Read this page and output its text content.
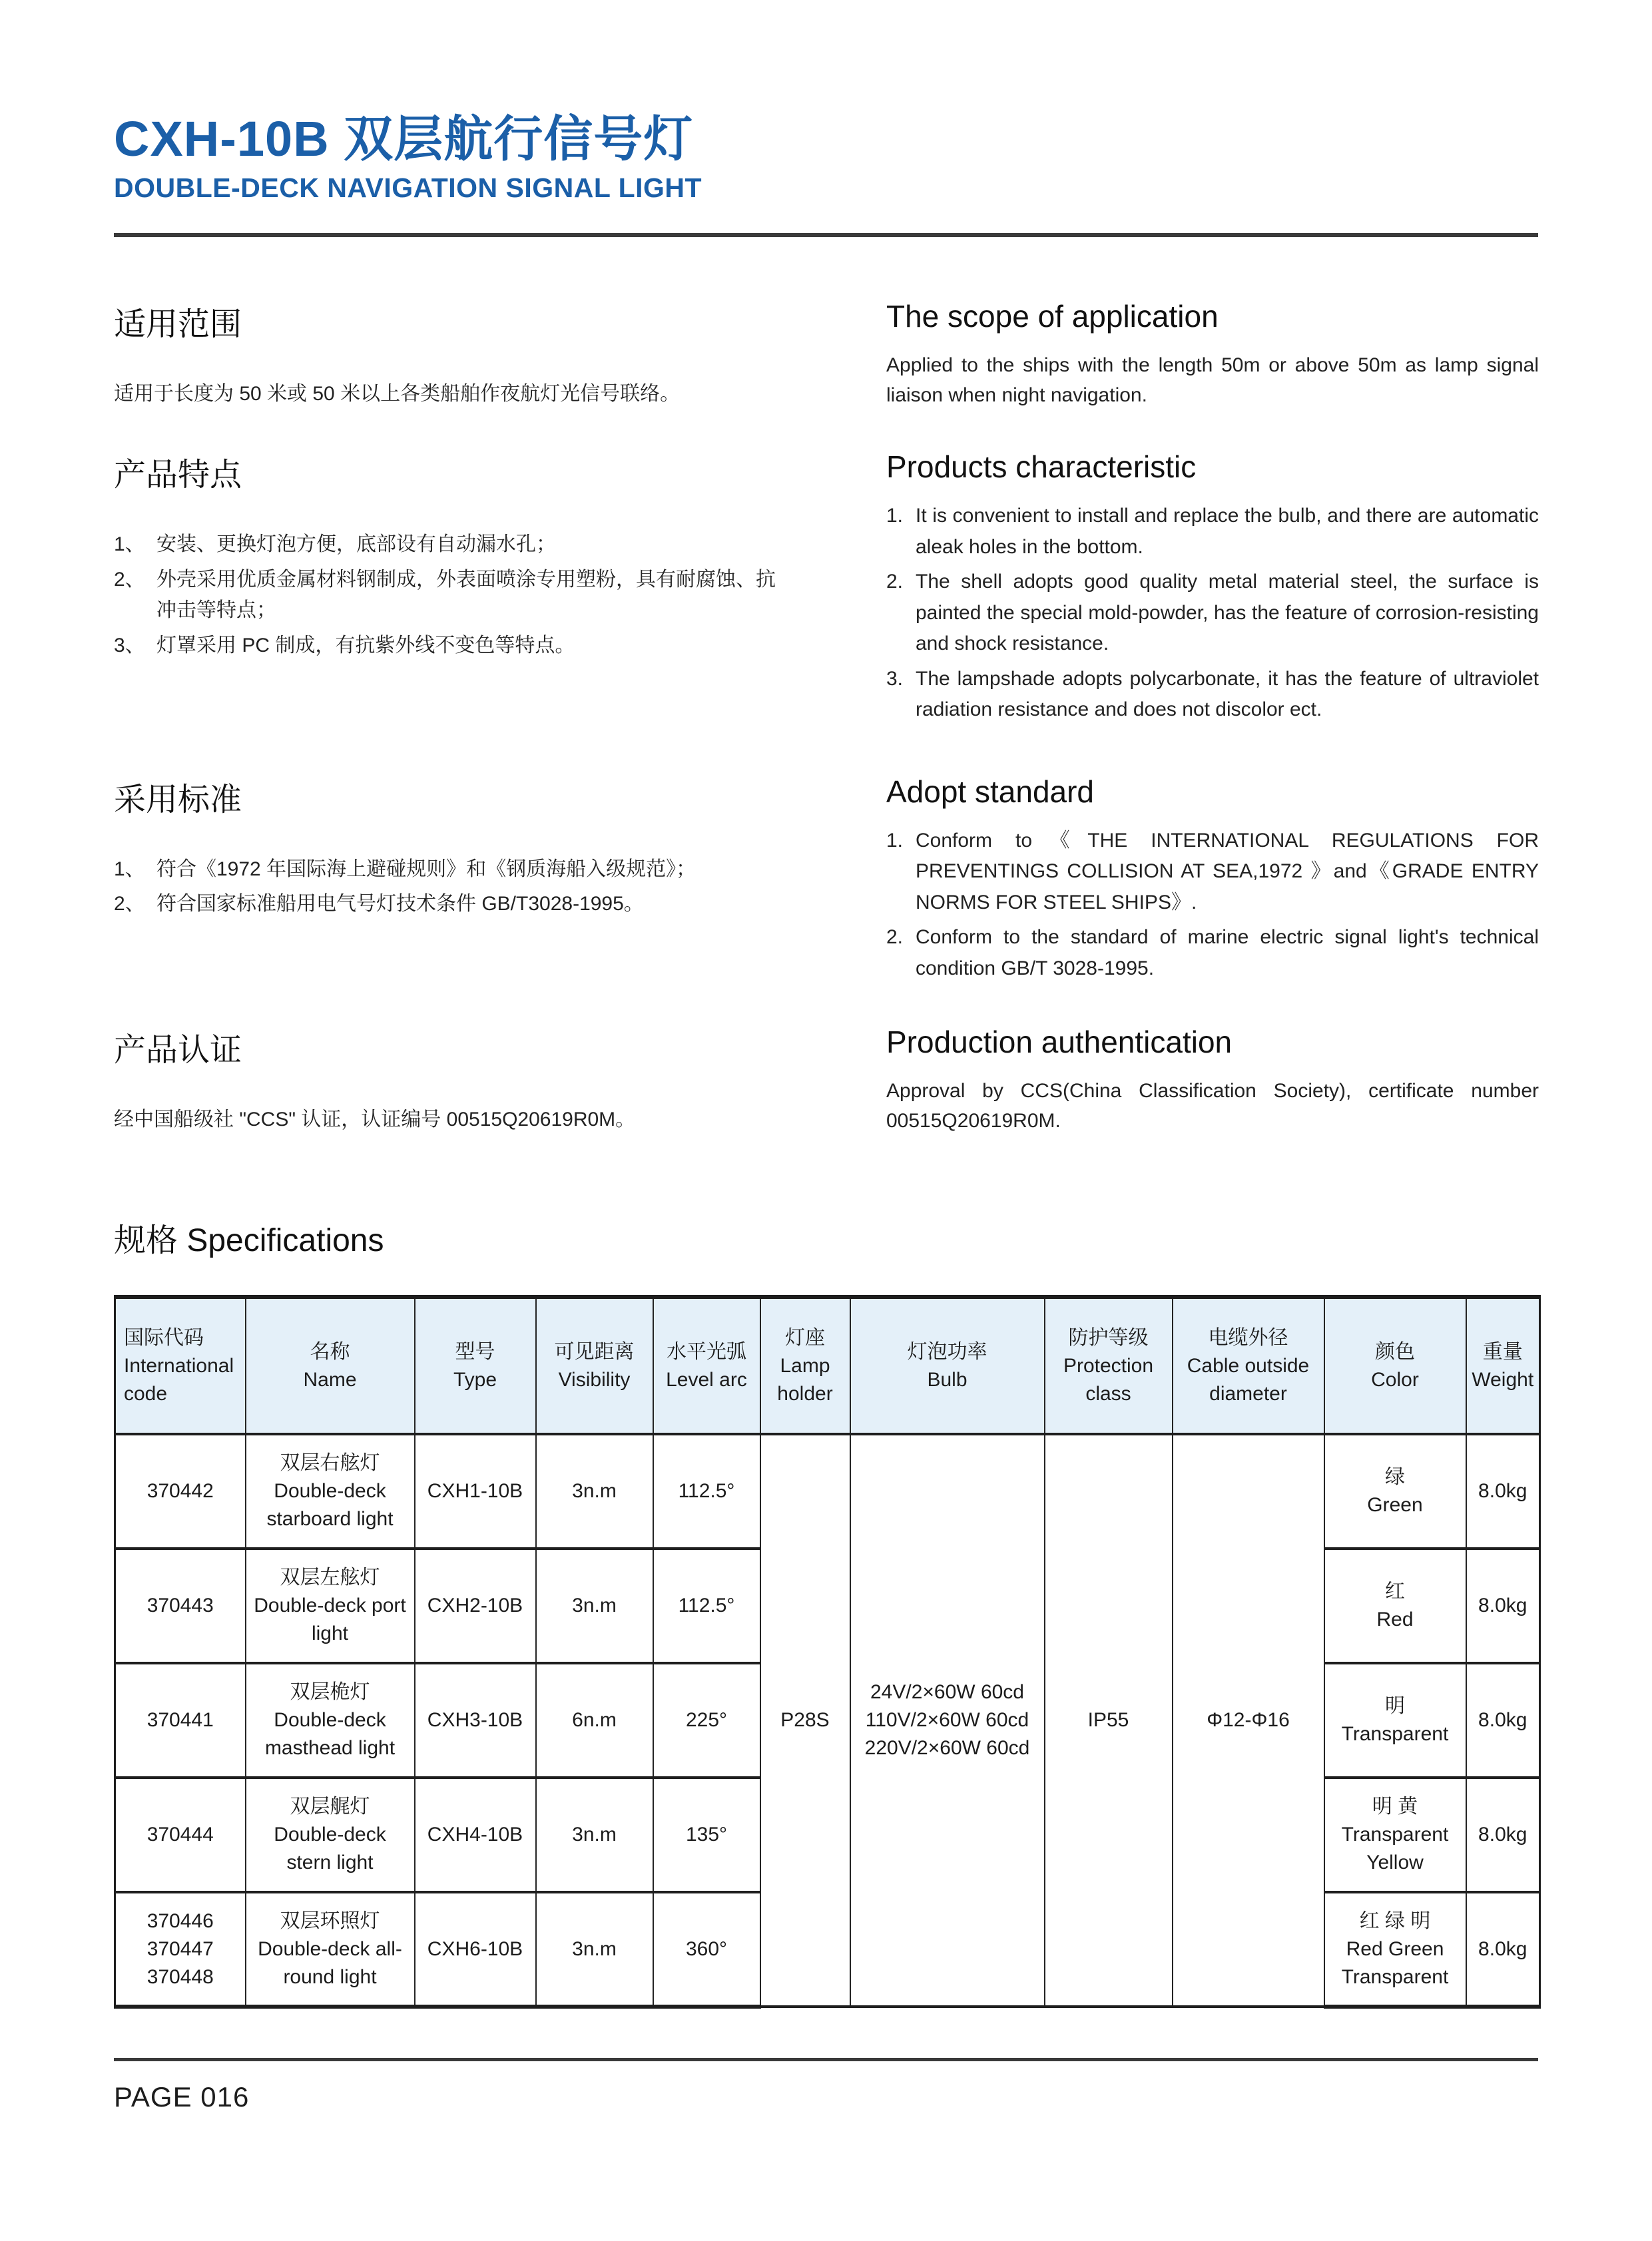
CXH-10B 双层航行信号灯
DOUBLE-DECK NAVIGATION SIGNAL LIGHT
适用范围
适用于长度为 50 米或 50 米以上各类船舶作夜航灯光信号联络。
The scope of application
Applied to the ships with the length 50m or above 50m as lamp signal liaison when night navigation.
产品特点
1、 安装、更换灯泡方便，底部设有自动漏水孔；
2、 外壳采用优质金属材料钢制成，外表面喷涂专用塑粉，具有耐腐蚀、抗冲击等特点；
3、 灯罩采用 PC 制成，有抗紫外线不变色等特点。
Products characteristic
1. It is convenient to install and replace the bulb, and there are automatic aleak holes in the bottom.
2. The shell adopts good quality metal material steel, the surface is painted the special mold-powder, has the feature of corrosion-resisting and shock resistance.
3. The lampshade adopts polycarbonate, it has the feature of ultraviolet radiation resistance and does not discolor ect.
采用标准
1、 符合《1972 年国际海上避碰规则》和《钢质海船入级规范》；
2、 符合国家标准船用电气号灯技术条件 GB/T3028-1995。
Adopt standard
1. Conform to《THE INTERNATIONAL REGULATIONS FOR PREVENTINGS COLLISION AT SEA,1972 》and《GRADE ENTRY NORMS FOR STEEL SHIPS》.
2. Conform to the standard of marine electric signal light's technical condition GB/T 3028-1995.
产品认证
经中国船级社 "CCS" 认证，认证编号 00515Q20619R0M。
Production authentication
Approval by CCS(China Classification Society), certificate number 00515Q20619R0M.
规格 Specifications
国际代码
International code	名称
Name	型号
Type	可见距离
Visibility	水平光弧
Level arc	灯座
Lamp holder	灯泡功率
Bulb	防护等级
Protection class	电缆外径
Cable outside diameter	颜色
Color	重量
Weight

370442	双层右舷灯
Double-deck starboard light	CXH1-10B	3n.m	112.5°	P28S	24V/2×60W 60cd
110V/2×60W 60cd
220V/2×60W 60cd	IP55	Φ12-Φ16	绿
Green	8.0kg
370443	双层左舷灯
Double-deck port light	CXH2-10B	3n.m	112.5°					红
Red	8.0kg
370441	双层桅灯
Double-deck masthead light	CXH3-10B	6n.m	225°					明
Transparent	8.0kg
370444	双层艉灯
Double-deck stern light	CXH4-10B	3n.m	135°					明 黄
Transparent Yellow	8.0kg

370446
370447
370448	双层环照灯
Double-deck all-round light	CXH6-10B	3n.m	360°					红 绿 明
Red Green Transparent	8.0kg
PAGE 016
